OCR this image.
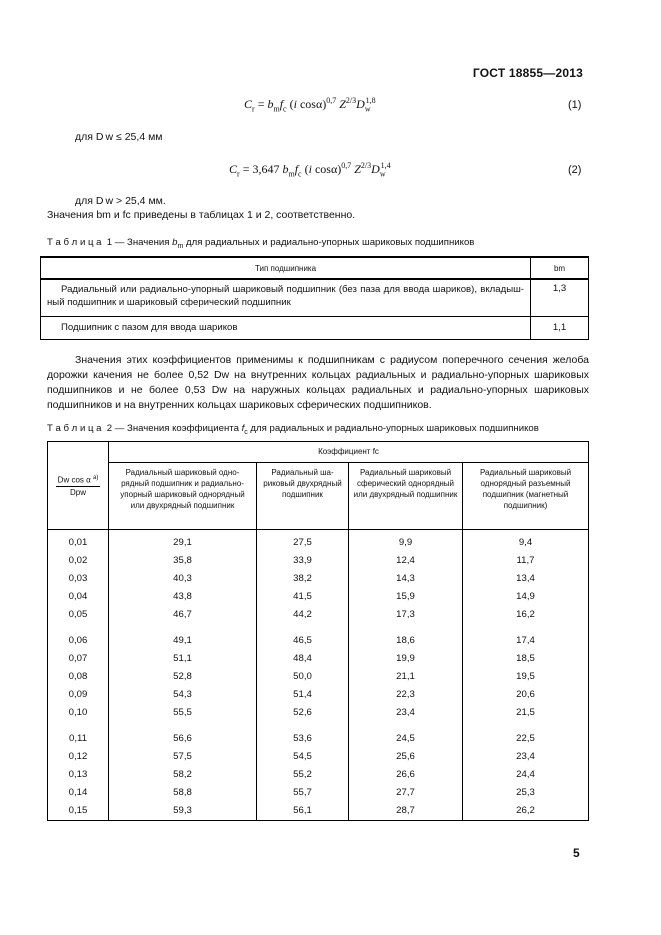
ГОСТ 18855—2013
$C_r = b_mf_c$ (i cosα)$^{0,7}$ $Z^{2/3}D_w^{1,8}$	(1)
для D w ≤ 25,4 мм
$C_r = 3,647$ $b_mf_c$ (i cosα)$^{0,7}$ $Z^{2/3}D_w^{1,4}$	(2)
для D w > 25,4 мм.
Значения bm и fc приведены в таблицах 1 и 2, соответственно.
Т а б л и ц а  1 — Значения $b_m$ для радиальных и радиально-упорных шариковых подшипников
Тип подшипника	bm
Радиальный или радиально-упорный шариковый подшипник (без паза для ввода шариков), вкладышный подшипник и шариковый сферический подшипник	1,3
Подшипник с пазом для ввода шариков	1,1
Значения этих коэффициентов применимы к подшипникам с радиусом поперечного сечения желоба дорожки качения не более 0,52 Dw на внутренних кольцах радиальных и радиально-упорных шариковых подшипников и не более 0,53 Dw на наружных кольцах радиальных и радиально-упорных шариковых подшипников и на внутренних кольцах шариковых сферических подшипников.
Т а б л и ц а  2 — Значения коэффициента $f_c$ для радиальных и радиально-упорных шариковых подшипников
$\frac{Dw \cos \alpha ^{a)}}{\text{Dpw}}$	Коэффициент fc			
	Радиальный шариковый однорядный подшипник и радиально-упорный шариковый однорядный или двухрядный подшипник	Радиальный шариковый двухрядный подшипник	Радиальный шариковый сферический однорядный или двухрядный подшипник	Радиальный шариковый однорядный разъемный подшипник (магнетный подшипник)
0,01	29,1	27,5	9,9	9,4
0,02	35,8	33,9	12,4	11,7
0,03	40,3	38,2	14,3	13,4
0,04	43,8	41,5	15,9	14,9
0,05	46,7	44,2	17,3	16,2

0,06	49,1	46,5	18,6	17,4
0,07	51,1	48,4	19,9	18,5
0,08	52,8	50,0	21,1	19,5
0,09	54,3	51,4	22,3	20,6
0,10	55,5	52,6	23,4	21,5

0,11	56,6	53,6	24,5	22,5
0,12	57,5	54,5	25,6	23,4
0,13	58,2	55,2	26,6	24,4
0,14	58,8	55,7	27,7	25,3
0,15	59,3	56,1	28,7	26,2
5
